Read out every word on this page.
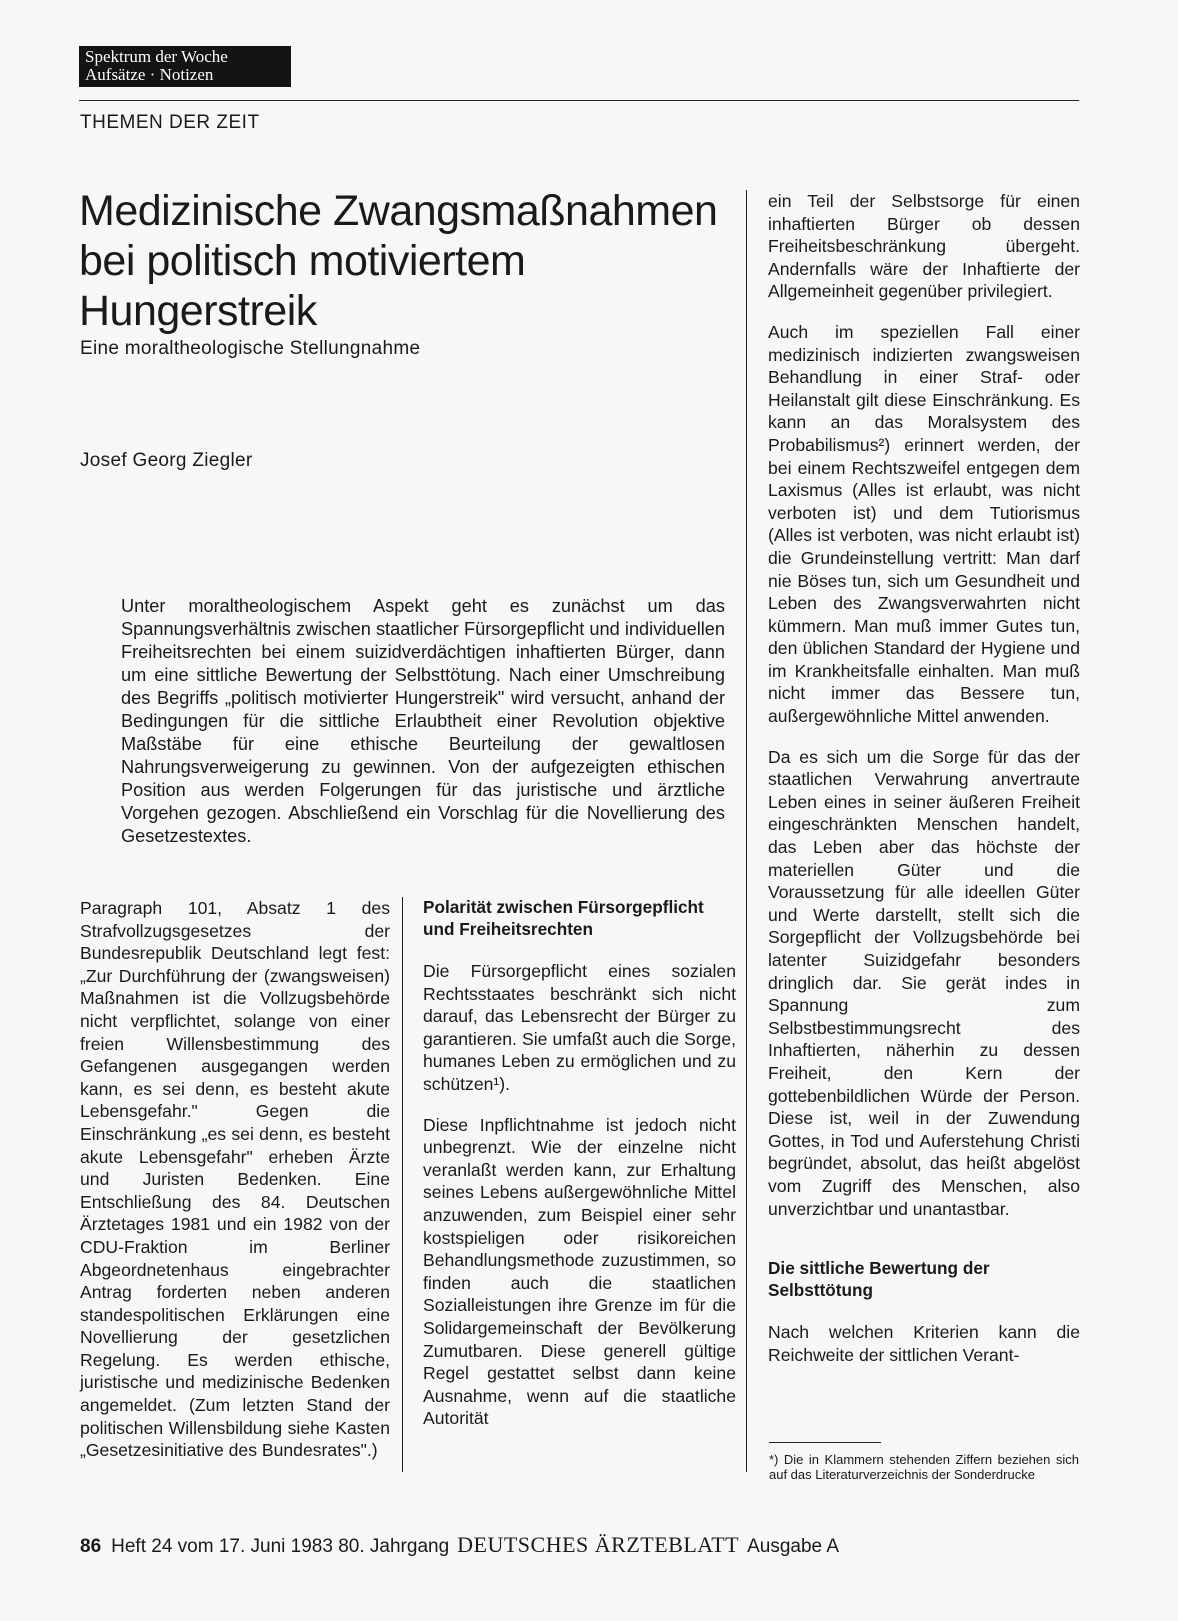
Spektrum der Woche
Aufsätze · Notizen
THEMEN DER ZEIT
Medizinische Zwangsmaßnahmen
bei politisch motiviertem Hungerstreik
Eine moraltheologische Stellungnahme
Josef Georg Ziegler

Unter moraltheologischem Aspekt geht es zunächst um das Spannungsverhältnis zwischen staatlicher Fürsorgepflicht und individuellen Freiheitsrechten bei einem suizidverdächtigen inhaftierten Bürger, dann um eine sittliche Bewertung der Selbsttötung. Nach einer Umschreibung des Begriffs „politisch motivierter Hungerstreik" wird versucht, anhand der Bedingungen für die sittliche Erlaubtheit einer Revolution objektive Maßstäbe für eine ethische Beurteilung der gewaltlosen Nahrungsverweigerung zu gewinnen. Von der aufgezeigten ethischen Position aus werden Folgerungen für das juristische und ärztliche Vorgehen gezogen. Abschließend ein Vorschlag für die Novellierung des Gesetzestextes.

Paragraph 101, Absatz 1 des Strafvollzugsgesetzes der Bundesrepublik Deutschland legt fest: „Zur Durchführung der (zwangsweisen) Maßnahmen ist die Vollzugsbehörde nicht verpflichtet, solange von einer freien Willensbestimmung des Gefangenen ausgegangen werden kann, es sei denn, es besteht akute Lebensgefahr." Gegen die Einschränkung „es sei denn, es besteht akute Lebensgefahr" erheben Ärzte und Juristen Bedenken. Eine Entschließung des 84. Deutschen Ärztetages 1981 und ein 1982 von der CDU-Fraktion im Berliner Abgeordnetenhaus eingebrachter Antrag forderten neben anderen standespolitischen Erklärungen eine Novellierung der gesetzlichen Regelung. Es werden ethische, juristische und medizinische Bedenken angemeldet. (Zum letzten Stand der politischen Willensbildung siehe Kasten „Gesetzesinitiative des Bundesrates".)

Polarität zwischen Fürsorgepflicht und Freiheitsrechten

Die Fürsorgepflicht eines sozialen Rechtsstaates beschränkt sich nicht darauf, das Lebensrecht der Bürger zu garantieren. Sie umfaßt auch die Sorge, humanes Leben zu ermöglichen und zu schützen¹).

Diese Inpflichtnahme ist jedoch nicht unbegrenzt. Wie der einzelne nicht veranlaßt werden kann, zur Erhaltung seines Lebens außergewöhnliche Mittel anzuwenden, zum Beispiel einer sehr kostspieligen oder risikoreichen Behandlungsmethode zuzustimmen, so finden auch die staatlichen Sozialleistungen ihre Grenze im für die Solidargemeinschaft der Bevölkerung Zumutbaren. Diese generell gültige Regel gestattet selbst dann keine Ausnahme, wenn auf die staatliche Autorität

ein Teil der Selbstsorge für einen inhaftierten Bürger ob dessen Freiheitsbeschränkung übergeht. Andernfalls wäre der Inhaftierte der Allgemeinheit gegenüber privilegiert.

Auch im speziellen Fall einer medizinisch indizierten zwangsweisen Behandlung in einer Straf- oder Heilanstalt gilt diese Einschränkung. Es kann an das Moralsystem des Probabilismus²) erinnert werden, der bei einem Rechtszweifel entgegen dem Laxismus (Alles ist erlaubt, was nicht verboten ist) und dem Tutiorismus (Alles ist verboten, was nicht erlaubt ist) die Grundeinstellung vertritt: Man darf nie Böses tun, sich um Gesundheit und Leben des Zwangsverwahrten nicht kümmern. Man muß immer Gutes tun, den üblichen Standard der Hygiene und im Krankheitsfalle einhalten. Man muß nicht immer das Bessere tun, außergewöhnliche Mittel anwenden.

Da es sich um die Sorge für das der staatlichen Verwahrung anvertraute Leben eines in seiner äußeren Freiheit eingeschränkten Menschen handelt, das Leben aber das höchste der materiellen Güter und die Voraussetzung für alle ideellen Güter und Werte darstellt, stellt sich die Sorgepflicht der Vollzugsbehörde bei latenter Suizidgefahr besonders dringlich dar. Sie gerät indes in Spannung zum Selbstbestimmungsrecht des Inhaftierten, näherhin zu dessen Freiheit, den Kern der gottebenbildlichen Würde der Person. Diese ist, weil in der Zuwendung Gottes, in Tod und Auferstehung Christi begründet, absolut, das heißt abgelöst vom Zugriff des Menschen, also unverzichtbar und unantastbar.

Die sittliche Bewertung der Selbsttötung

Nach welchen Kriterien kann die Reichweite der sittlichen Verant-

*) Die in Klammern stehenden Ziffern beziehen sich auf das Literaturverzeichnis der Sonderdrucke
86 Heft 24 vom 17. Juni 1983 80. Jahrgang DEUTSCHES ÄRZTEBLATT Ausgabe A
